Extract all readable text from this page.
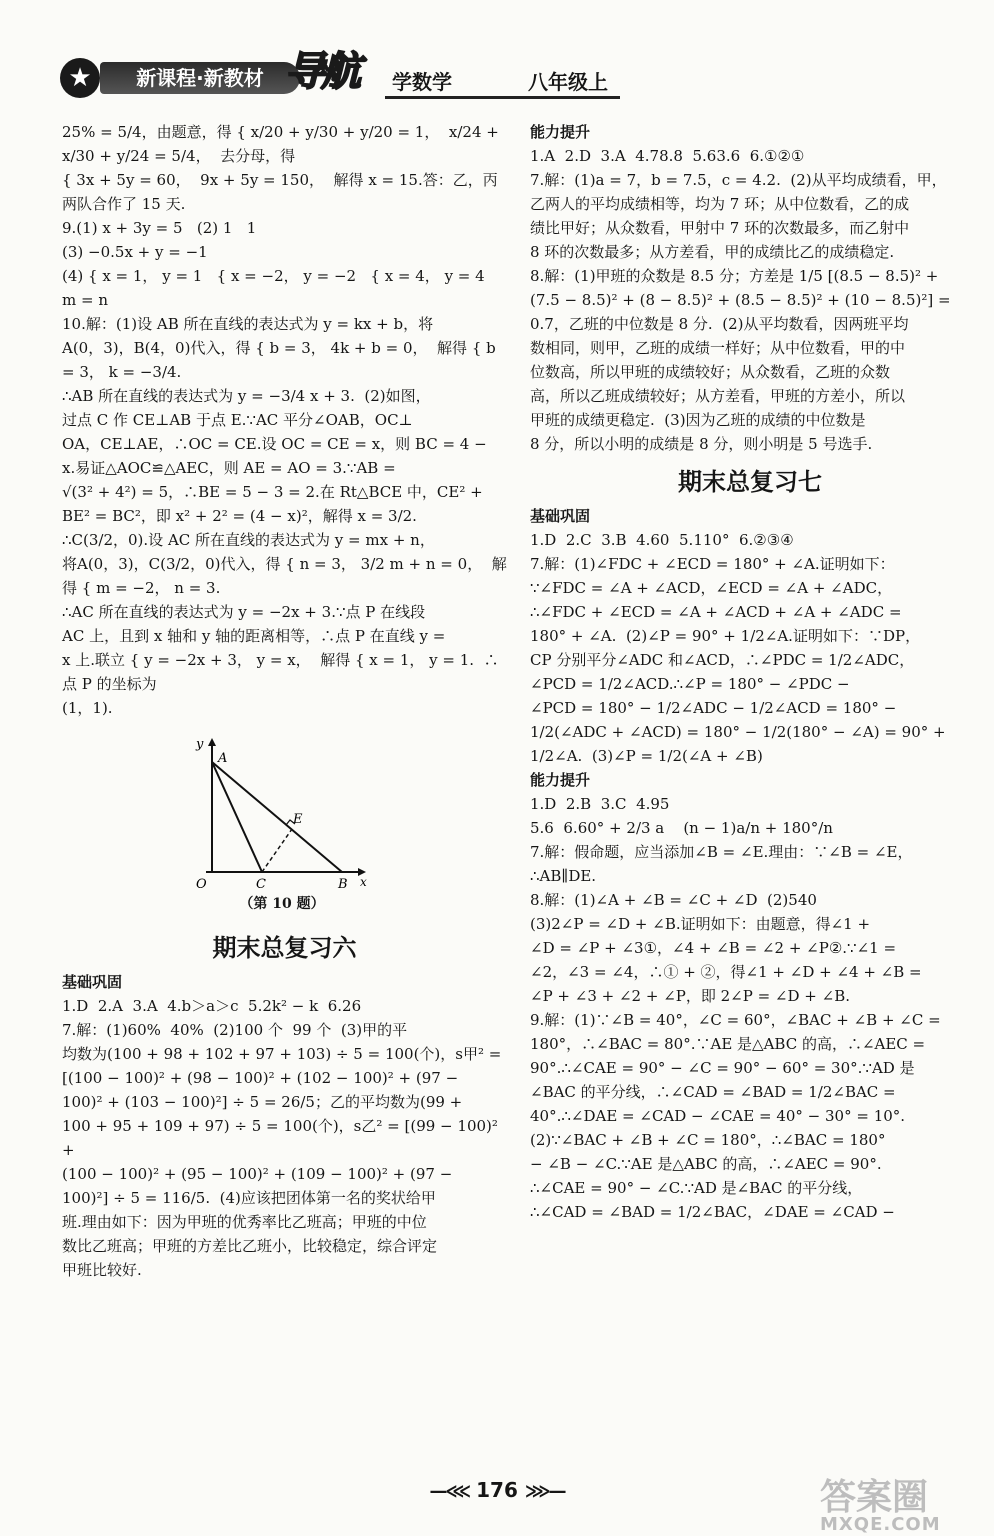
★	新课程·新教材 导航	学数学	八年级上
25% = 5/4，由题意，得 { x/20 + y/30 + y/20 = 1，  x/24 + x/30 + y/24 = 5/4，  去分母，得
{ 3x + 5y = 60，  9x + 5y = 150，  解得 x = 15.答：乙，丙两队合作了 15 天.
9.(1) x + 3y = 5   (2) 1   1
(3) −0.5x + y = −1
(4) { x = 1， y = 1   { x = −2， y = −2   { x = 4， y = 4    m = n
10.解：(1)设 AB 所在直线的表达式为 y = kx + b，将
A(0，3)，B(4，0)代入，得 { b = 3， 4k + b = 0，  解得 { b = 3， k = −3/4.
∴AB 所在直线的表达式为 y = −3/4 x + 3.  (2)如图，
过点 C 作 CE⊥AB 于点 E.∵AC 平分∠OAB，OC⊥
OA，CE⊥AE，∴OC = CE.设 OC = CE = x，则 BC = 4 −
x.易证△AOC≌△AEC，则 AE = AO = 3.∵AB =
√(3² + 4²) = 5，∴BE = 5 − 3 = 2.在 Rt△BCE 中，CE² +
BE² = BC²，即 x² + 2² = (4 − x)²，解得 x = 3/2.
∴C(3/2，0).设 AC 所在直线的表达式为 y = mx + n，
将A(0，3)，C(3/2，0)代入，得 { n = 3， 3/2 m + n = 0，  解得 { m = −2， n = 3.
∴AC 所在直线的表达式为 y = −2x + 3.∵点 P 在线段
AC 上，且到 x 轴和 y 轴的距离相等，∴点 P 在直线 y =
x 上.联立 { y = −2x + 3， y = x，  解得 { x = 1， y = 1.  ∴点 P 的坐标为
(1，1).
y
A
E
O	C	B x
（第 10 题）
期末总复习六
基础巩固
1.D  2.A  3.A  4.b＞a＞c  5.2k² − k  6.26
7.解：(1)60%  40%  (2)100 个  99 个  (3)甲的平
均数为(100 + 98 + 102 + 97 + 103) ÷ 5 = 100(个)，s甲² =
[(100 − 100)² + (98 − 100)² + (102 − 100)² + (97 −
100)² + (103 − 100)²] ÷ 5 = 26/5；乙的平均数为(99 +
100 + 95 + 109 + 97) ÷ 5 = 100(个)，s乙² = [(99 − 100)² +
(100 − 100)² + (95 − 100)² + (109 − 100)² + (97 −
100)²] ÷ 5 = 116/5.  (4)应该把团体第一名的奖状给甲
班.理由如下：因为甲班的优秀率比乙班高；甲班的中位
数比乙班高；甲班的方差比乙班小，比较稳定，综合评定
甲班比较好.
能力提升
1.A  2.D  3.A  4.78.8  5.63.6  6.①②①
7.解：(1)a = 7，b = 7.5，c = 4.2.  (2)从平均成绩看，甲，
乙两人的平均成绩相等，均为 7 环；从中位数看，乙的成
绩比甲好；从众数看，甲射中 7 环的次数最多，而乙射中
8 环的次数最多；从方差看，甲的成绩比乙的成绩稳定.
8.解：(1)甲班的众数是 8.5 分；方差是 1/5 [(8.5 − 8.5)² +
(7.5 − 8.5)² + (8 − 8.5)² + (8.5 − 8.5)² + (10 − 8.5)²] =
0.7，乙班的中位数是 8 分.  (2)从平均数看，因两班平均
数相同，则甲，乙班的成绩一样好；从中位数看，甲的中
位数高，所以甲班的成绩较好；从众数看，乙班的众数
高，所以乙班成绩较好；从方差看，甲班的方差小，所以
甲班的成绩更稳定.  (3)因为乙班的成绩的中位数是
8 分，所以小明的成绩是 8 分，则小明是 5 号选手.
期末总复习七
基础巩固
1.D  2.C  3.B  4.60  5.110°  6.②③④
7.解：(1)∠FDC + ∠ECD = 180° + ∠A.证明如下：
∵∠FDC = ∠A + ∠ACD，∠ECD = ∠A + ∠ADC，
∴∠FDC + ∠ECD = ∠A + ∠ACD + ∠A + ∠ADC =
180° + ∠A.  (2)∠P = 90° + 1/2∠A.证明如下：∵DP，
CP 分别平分∠ADC 和∠ACD，∴∠PDC = 1/2∠ADC，
∠PCD = 1/2∠ACD.∴∠P = 180° − ∠PDC −
∠PCD = 180° − 1/2∠ADC − 1/2∠ACD = 180° −
1/2(∠ADC + ∠ACD) = 180° − 1/2(180° − ∠A) = 90° +
1/2∠A.  (3)∠P = 1/2(∠A + ∠B)
能力提升
1.D  2.B  3.C  4.95
5.6  6.60° + 2/3 a    (n − 1)a/n + 180°/n
7.解：假命题，应当添加∠B = ∠E.理由：∵∠B = ∠E，
∴AB∥DE.
8.解：(1)∠A + ∠B = ∠C + ∠D  (2)540
(3)2∠P = ∠D + ∠B.证明如下：由题意，得∠1 +
∠D = ∠P + ∠3①，∠4 + ∠B = ∠2 + ∠P②.∵∠1 =
∠2，∠3 = ∠4，∴① + ②，得∠1 + ∠D + ∠4 + ∠B =
∠P + ∠3 + ∠2 + ∠P，即 2∠P = ∠D + ∠B.
9.解：(1)∵∠B = 40°，∠C = 60°，∠BAC + ∠B + ∠C =
180°，∴∠BAC = 80°.∵AE 是△ABC 的高，∴∠AEC =
90°.∴∠CAE = 90° − ∠C = 90° − 60° = 30°.∵AD 是
∠BAC 的平分线，∴∠CAD = ∠BAD = 1/2∠BAC =
40°.∴∠DAE = ∠CAD − ∠CAE = 40° − 30° = 10°.
(2)∵∠BAC + ∠B + ∠C = 180°，∴∠BAC = 180°
− ∠B − ∠C.∵AE 是△ABC 的高，∴∠AEC = 90°.
∴∠CAE = 90° − ∠C.∵AD 是∠BAC 的平分线，
∴∠CAD = ∠BAD = 1/2∠BAC，∠DAE = ∠CAD −
—⋘ 176 ⋙—	答案圈
MXQE.COM
